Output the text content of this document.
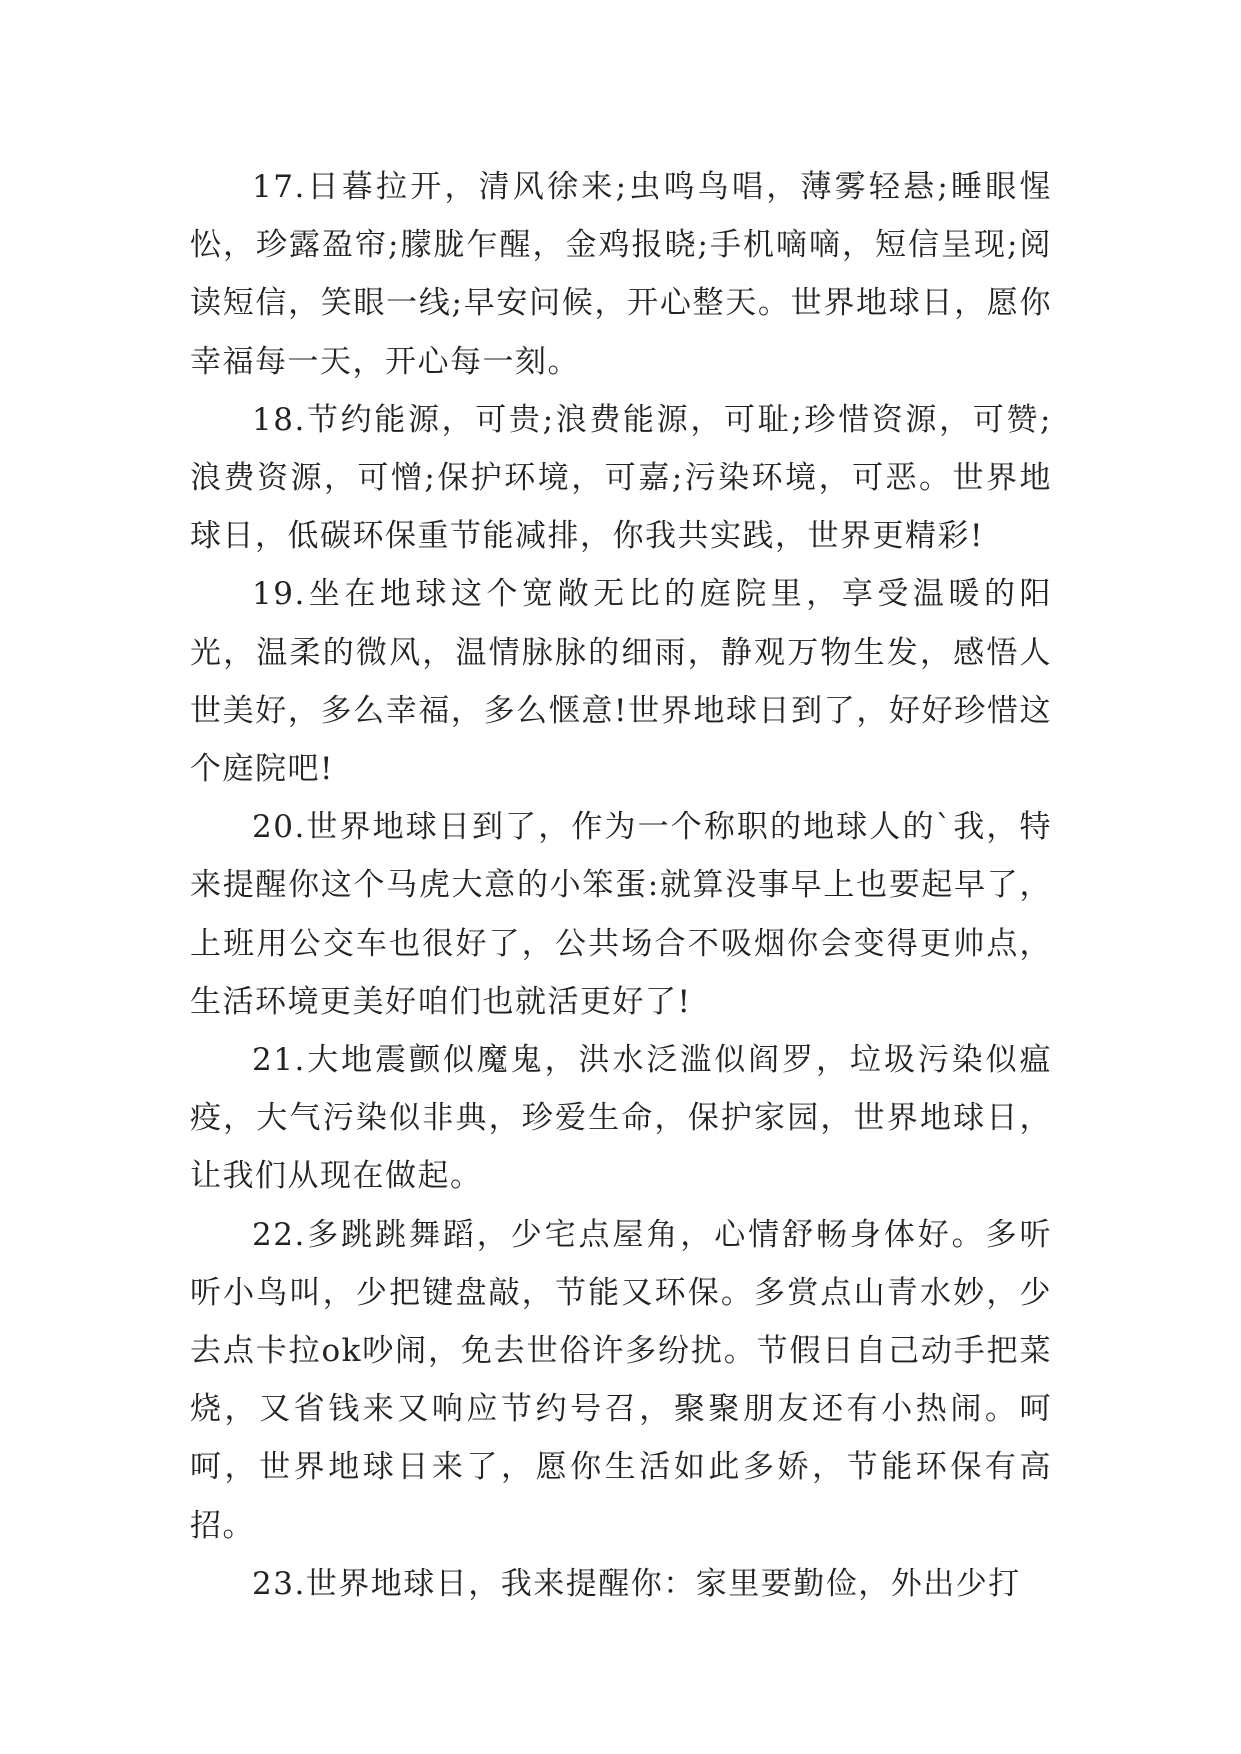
17.日暮拉开，清风徐来;虫鸣鸟唱，薄雾轻悬;睡眼惺忪，珍露盈帘;朦胧乍醒，金鸡报晓;手机嘀嘀，短信呈现;阅读短信，笑眼一线;早安问候，开心整天。世界地球日，愿你幸福每一天，开心每一刻。

18.节约能源，可贵;浪费能源，可耻;珍惜资源，可赞;浪费资源，可憎;保护环境，可嘉;污染环境，可恶。世界地球日，低碳环保重节能减排，你我共实践，世界更精彩!

19.坐在地球这个宽敞无比的庭院里，享受温暖的阳光，温柔的微风，温情脉脉的细雨，静观万物生发，感悟人世美好，多么幸福，多么惬意!世界地球日到了，好好珍惜这个庭院吧!

20.世界地球日到了，作为一个称职的地球人的`我，特来提醒你这个马虎大意的小笨蛋:就算没事早上也要起早了，上班用公交车也很好了，公共场合不吸烟你会变得更帅点，生活环境更美好咱们也就活更好了!

21.大地震颤似魔鬼，洪水泛滥似阎罗，垃圾污染似瘟疫，大气污染似非典，珍爱生命，保护家园，世界地球日，让我们从现在做起。

22.多跳跳舞蹈，少宅点屋角，心情舒畅身体好。多听听小鸟叫，少把键盘敲，节能又环保。多赏点山青水妙，少去点卡拉ok吵闹，免去世俗许多纷扰。节假日自己动手把菜烧，又省钱来又响应节约号召，聚聚朋友还有小热闹。呵呵，世界地球日来了，愿你生活如此多娇，节能环保有高招。

23.世界地球日，我来提醒你：家里要勤俭，外出少打
